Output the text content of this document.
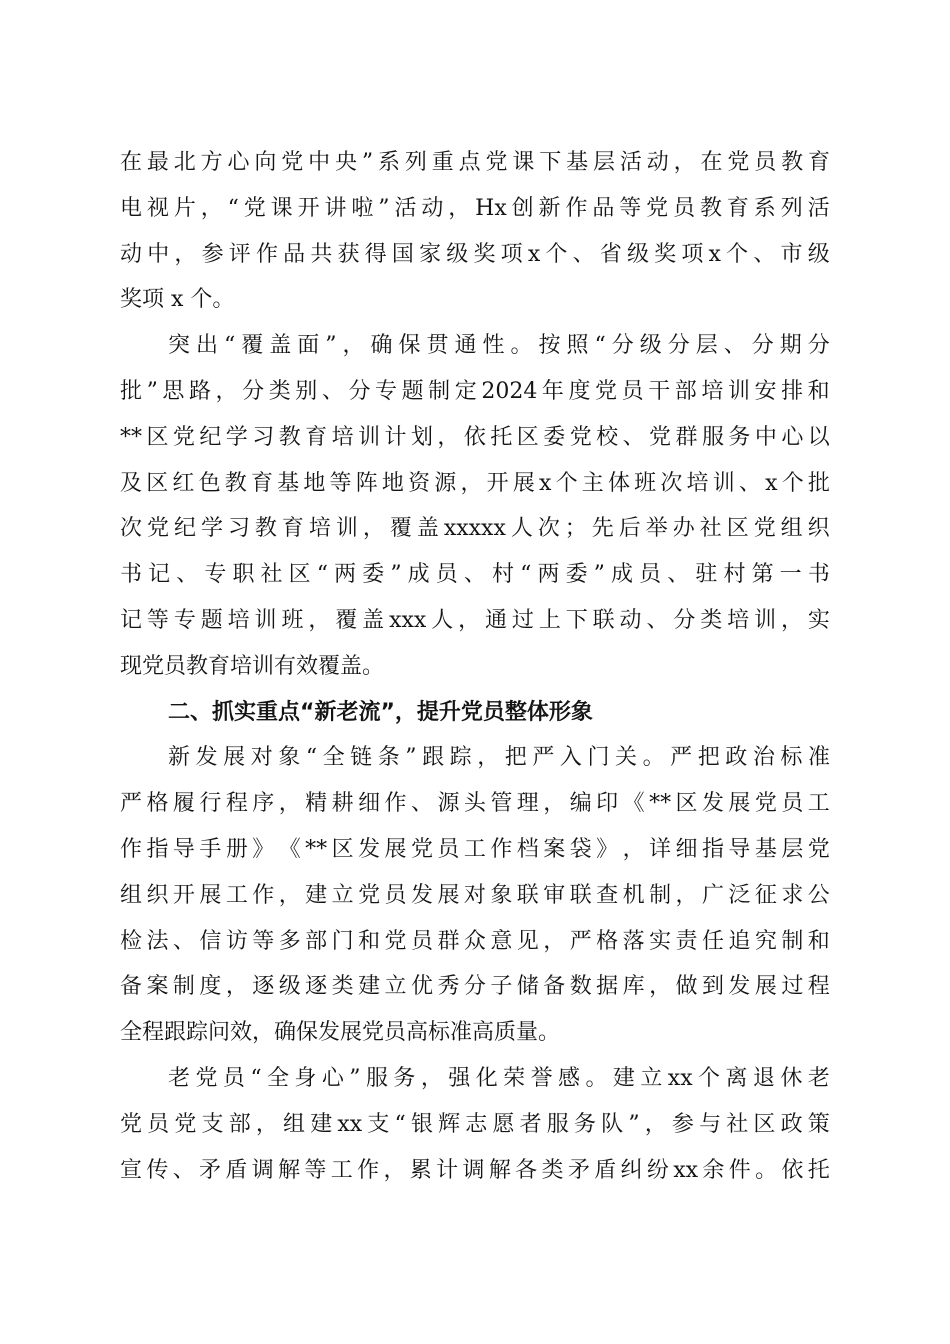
在 最 北 方 心 向 党 中 央 ” 系 列 重 点 党 课 下 基 层 活 动 ， 在 党 员 教 育
电 视 片 ， “ 党 课 开 讲 啦 ” 活 动 ， Hx 创 新 作 品 等 党 员 教 育 系 列 活
动 中 ， 参 评 作 品 共 获 得 国 家 级 奖 项 x 个 、 省 级 奖 项 x 个 、 市 级
奖项 x 个。
突 出 “ 覆 盖 面 ” ， 确 保 贯 通 性 。 按 照 “ 分 级 分 层 、 分 期 分
批 ” 思 路 ， 分 类 别 、 分 专 题 制 定 2024 年 度 党 员 干 部 培 训 安 排 和
** 区 党 纪 学 习 教 育 培 训 计 划 ， 依 托 区 委 党 校 、 党 群 服 务 中 心 以
及 区 红 色 教 育 基 地 等 阵 地 资 源 ， 开 展 x 个 主 体 班 次 培 训 、 x 个 批
次 党 纪 学 习 教 育 培 训 ， 覆 盖 xxxxx 人 次 ； 先 后 举 办 社 区 党 组 织
书 记 、 专 职 社 区 “ 两 委 ” 成 员 、 村 “ 两 委 ” 成 员 、 驻 村 第 一 书
记 等 专 题 培 训 班 ， 覆 盖 xxx 人 ， 通 过 上 下 联 动 、 分 类 培 训 ， 实
现党员教育培训有效覆盖。
二、抓实重点“新老流”，提升党员整体形象
新 发 展 对 象 “ 全 链 条 ” 跟 踪 ， 把 严 入 门 关 。 严 把 政 治 标 准
严 格 履 行 程 序 ， 精 耕 细 作 、 源 头 管 理 ， 编 印 《 ** 区 发 展 党 员 工
作 指 导 手 册 》 《 ** 区 发 展 党 员 工 作 档 案 袋 》 ， 详 细 指 导 基 层 党
组 织 开 展 工 作 ， 建 立 党 员 发 展 对 象 联 审 联 查 机 制 ， 广 泛 征 求 公
检 法 、 信 访 等 多 部 门 和 党 员 群 众 意 见 ， 严 格 落 实 责 任 追 究 制 和
备 案 制 度 ， 逐 级 逐 类 建 立 优 秀 分 子 储 备 数 据 库 ， 做 到 发 展 过 程
全程跟踪问效，确保发展党员高标准高质量。
老 党 员 “ 全 身 心 ” 服 务 ， 强 化 荣 誉 感 。 建 立 xx 个 离 退 休 老
党 员 党 支 部 ， 组 建 xx 支 “ 银 辉 志 愿 者 服 务 队 ” ， 参 与 社 区 政 策
宣 传 、 矛 盾 调 解 等 工 作 ， 累 计 调 解 各 类 矛 盾 纠 纷 xx 余 件 。 依 托
